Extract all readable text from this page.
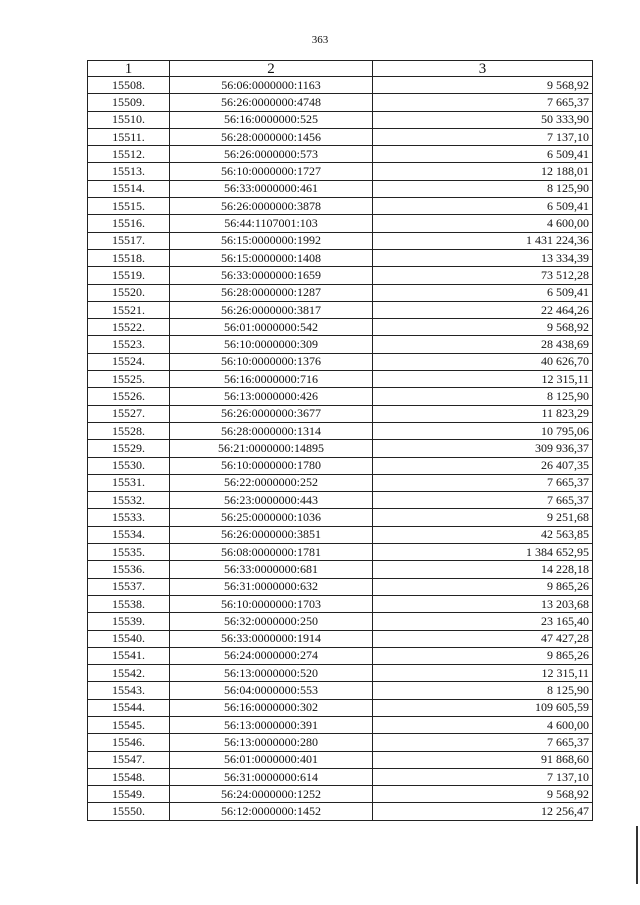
363
1	2	3
15508.	56:06:0000000:1163	9 568,92
15509.	56:26:0000000:4748	7 665,37
15510.	56:16:0000000:525	50 333,90
15511.	56:28:0000000:1456	7 137,10
15512.	56:26:0000000:573	6 509,41
15513.	56:10:0000000:1727	12 188,01
15514.	56:33:0000000:461	8 125,90
15515.	56:26:0000000:3878	6 509,41
15516.	56:44:1107001:103	4 600,00
15517.	56:15:0000000:1992	1 431 224,36
15518.	56:15:0000000:1408	13 334,39
15519.	56:33:0000000:1659	73 512,28
15520.	56:28:0000000:1287	6 509,41
15521.	56:26:0000000:3817	22 464,26
15522.	56:01:0000000:542	9 568,92
15523.	56:10:0000000:309	28 438,69
15524.	56:10:0000000:1376	40 626,70
15525.	56:16:0000000:716	12 315,11
15526.	56:13:0000000:426	8 125,90
15527.	56:26:0000000:3677	11 823,29
15528.	56:28:0000000:1314	10 795,06
15529.	56:21:0000000:14895	309 936,37
15530.	56:10:0000000:1780	26 407,35
15531.	56:22:0000000:252	7 665,37
15532.	56:23:0000000:443	7 665,37
15533.	56:25:0000000:1036	9 251,68
15534.	56:26:0000000:3851	42 563,85
15535.	56:08:0000000:1781	1 384 652,95
15536.	56:33:0000000:681	14 228,18
15537.	56:31:0000000:632	9 865,26
15538.	56:10:0000000:1703	13 203,68
15539.	56:32:0000000:250	23 165,40
15540.	56:33:0000000:1914	47 427,28
15541.	56:24:0000000:274	9 865,26
15542.	56:13:0000000:520	12 315,11
15543.	56:04:0000000:553	8 125,90
15544.	56:16:0000000:302	109 605,59
15545.	56:13:0000000:391	4 600,00
15546.	56:13:0000000:280	7 665,37
15547.	56:01:0000000:401	91 868,60
15548.	56:31:0000000:614	7 137,10
15549.	56:24:0000000:1252	9 568,92
15550.	56:12:0000000:1452	12 256,47
